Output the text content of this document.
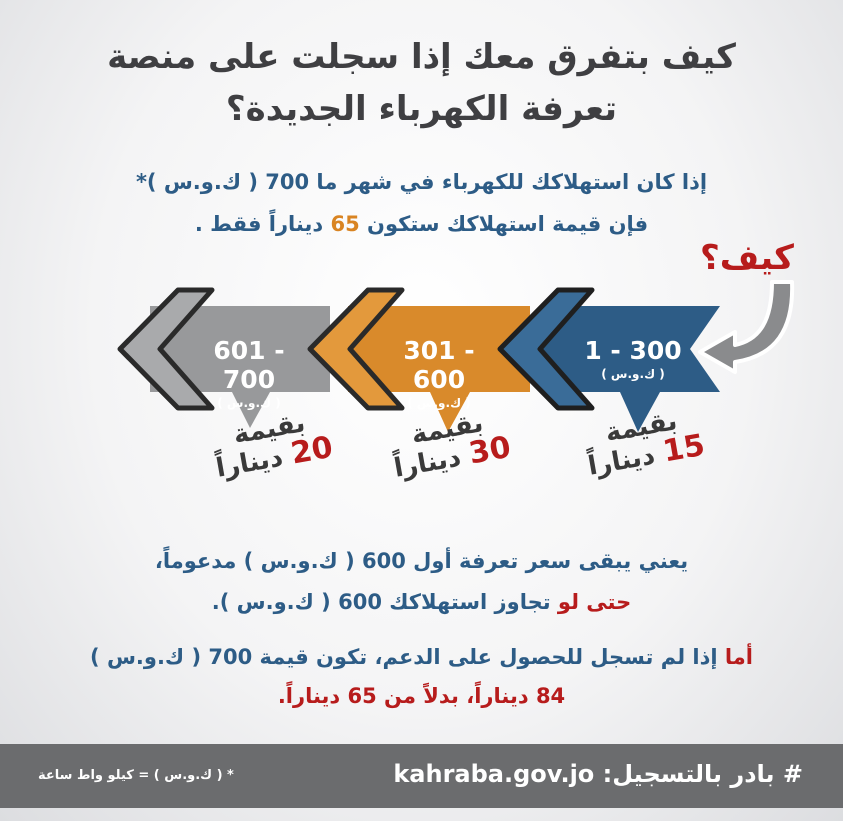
كيف بتفرق معك إذا سجلت على منصة
تعرفة الكهرباء الجديدة؟
إذا كان استهلاكك للكهرباء في شهر ما 700 ( ك.و.س )*
فإن قيمة استهلاكك ستكون 65 ديناراً فقط .
كيف؟
1 - 300
( ك.و.س )
301 - 600
( ك.و.س )
601 - 700
( ك.و.س )
بقيمة
15 ديناراً
بقيمة
30 ديناراً
بقيمة
20 ديناراً
يعني يبقى سعر تعرفة أول 600 ( ك.و.س ) مدعوماً،
حتى لو تجاوز استهلاكك 600 ( ك.و.س ).
أما إذا لم تسجل للحصول على الدعم، تكون قيمة 700 ( ك.و.س )
84 ديناراً، بدلاً من 65 ديناراً.
# بادر بالتسجيل: kahraba.gov.jo
* ( ك.و.س ) = كيلو واط ساعة
